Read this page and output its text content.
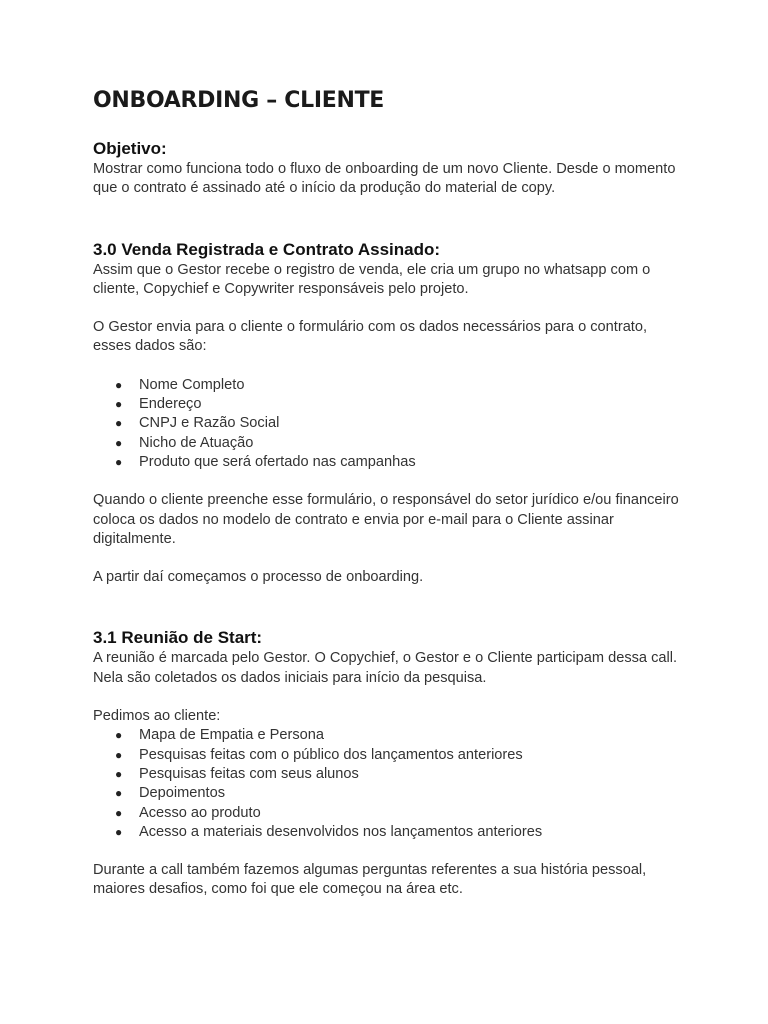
ONBOARDING – CLIENTE
Objetivo:

Mostrar como funciona todo o fluxo de onboarding de um novo Cliente. Desde o momento que o contrato é assinado até o início da produção do material de copy.

3.0 Venda Registrada e Contrato Assinado:

Assim que o Gestor recebe o registro de venda, ele cria um grupo no whatsapp com o cliente, Copychief e Copywriter responsáveis pelo projeto.

O Gestor envia para o cliente o formulário com os dados necessários para o contrato, esses dados são:

● Nome Completo
● Endereço
● CNPJ e Razão Social
● Nicho de Atuação
● Produto que será ofertado nas campanhas

Quando o cliente preenche esse formulário, o responsável do setor jurídico e/ou financeiro coloca os dados no modelo de contrato e envia por e-mail para o Cliente assinar digitalmente.

A partir daí começamos o processo de onboarding.

3.1 Reunião de Start:

A reunião é marcada pelo Gestor. O Copychief, o Gestor e o Cliente participam dessa call. Nela são coletados os dados iniciais para início da pesquisa.

Pedimos ao cliente:

● Mapa de Empatia e Persona
● Pesquisas feitas com o público dos lançamentos anteriores
● Pesquisas feitas com seus alunos
● Depoimentos
● Acesso ao produto
● Acesso a materiais desenvolvidos nos lançamentos anteriores

Durante a call também fazemos algumas perguntas referentes a sua história pessoal, maiores desafios, como foi que ele começou na área etc.
